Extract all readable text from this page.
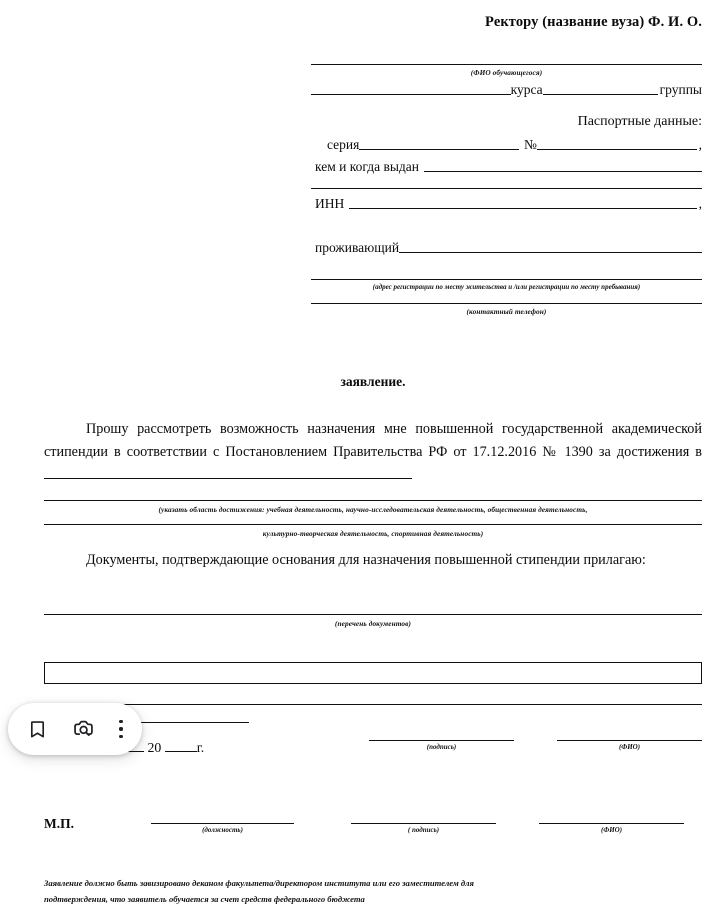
Ректору (название вуза) Ф. И. О.
(ФИО обучающегося)
курса	группы
Паспортные данные:
серия	№	,
кем и когда выдан
ИНН	,
проживающий
(адрес регистрации по месту жительства и /или регистрации по месту пребывания)
(контактный телефон)
заявление.
Прошу рассмотреть возможность назначения мне повышенной государственной академической стипендии в соответствии с Постановлением Правительства РФ от 17.12.2016 № 1390 за достижения в
(указать область достижения: учебная деятельность, научно-исследовательская деятельность, общественная деятельность,
культурно-творческая деятельность, спортивная деятельность)
Документы, подтверждающие основания для назначения повышенной стипендии прилагаю:
(перечень документов)
20	г.	(подпись)	(ФИО)
М.П.	(должность)	( подпись)	(ФИО)
Заявление должно быть завизировано деканом факультета/директором института или его заместителем для
подтверждения, что заявитель обучается за счет средств федерального бюджета
